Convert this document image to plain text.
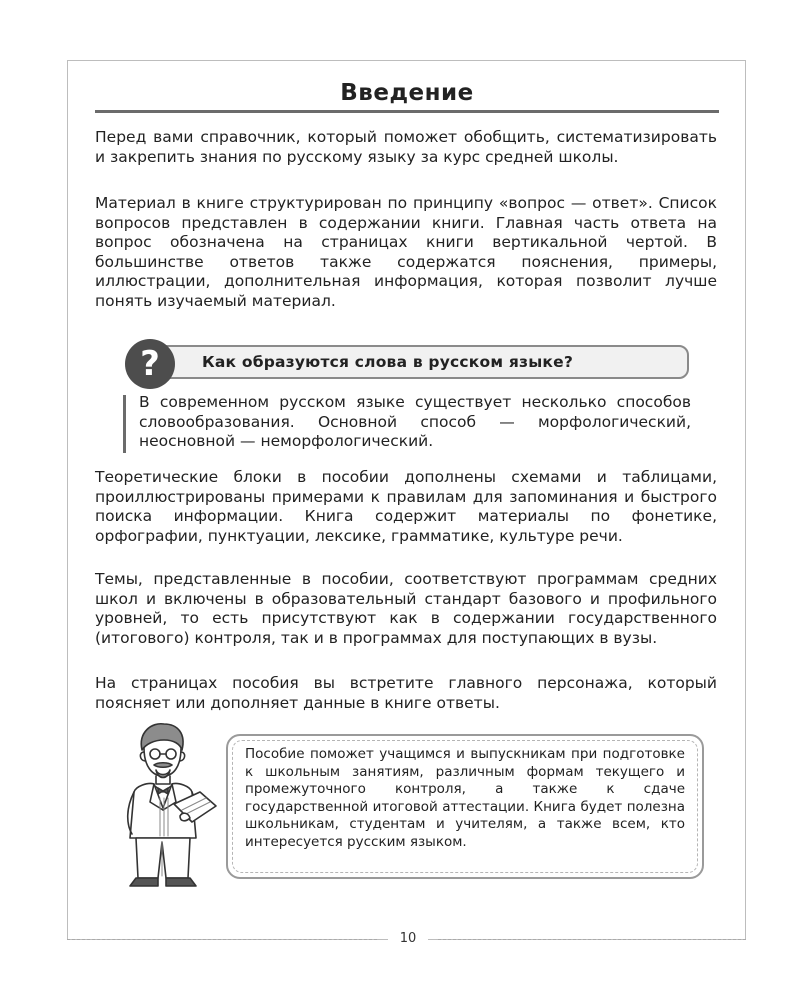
Введение

Перед вами справочник, который поможет обобщить, систематизировать и закрепить знания по русскому языку за курс средней школы.

Материал в книге структурирован по принципу «вопрос — ответ». Список вопросов представлен в содержании книги. Главная часть ответа на вопрос обозначена на страницах книги вертикальной чертой. В большинстве ответов также содержатся пояснения, примеры, иллюстрации, дополнительная информация, которая позволит лучше понять изучаемый материал.

Как образуются слова в русском языке?
?

В современном русском языке существует несколько способов словообразования. Основной способ — морфологический, неосновной — неморфологический.

Теоретические блоки в пособии дополнены схемами и таблицами, проиллюстрированы примерами к правилам для запоминания и быстрого поиска информации. Книга содержит материалы по фонетике, орфографии, пунктуации, лексике, грамматике, культуре речи.

Темы, представленные в пособии, соответствуют программам средних школ и включены в образовательный стандарт базового и профильного уровней, то есть присутствуют как в содержании государственного (итогового) контроля, так и в программах для поступающих в вузы.

На страницах пособия вы встретите главного персонажа, который поясняет или дополняет данные в книге ответы.

Пособие поможет учащимся и выпускникам при подготовке к школьным занятиям, различным формам текущего и промежуточного контроля, а также к сдаче государственной итоговой аттестации. Книга будет полезна школьникам, студентам и учителям, а также всем, кто интересуется русским языком.

10
